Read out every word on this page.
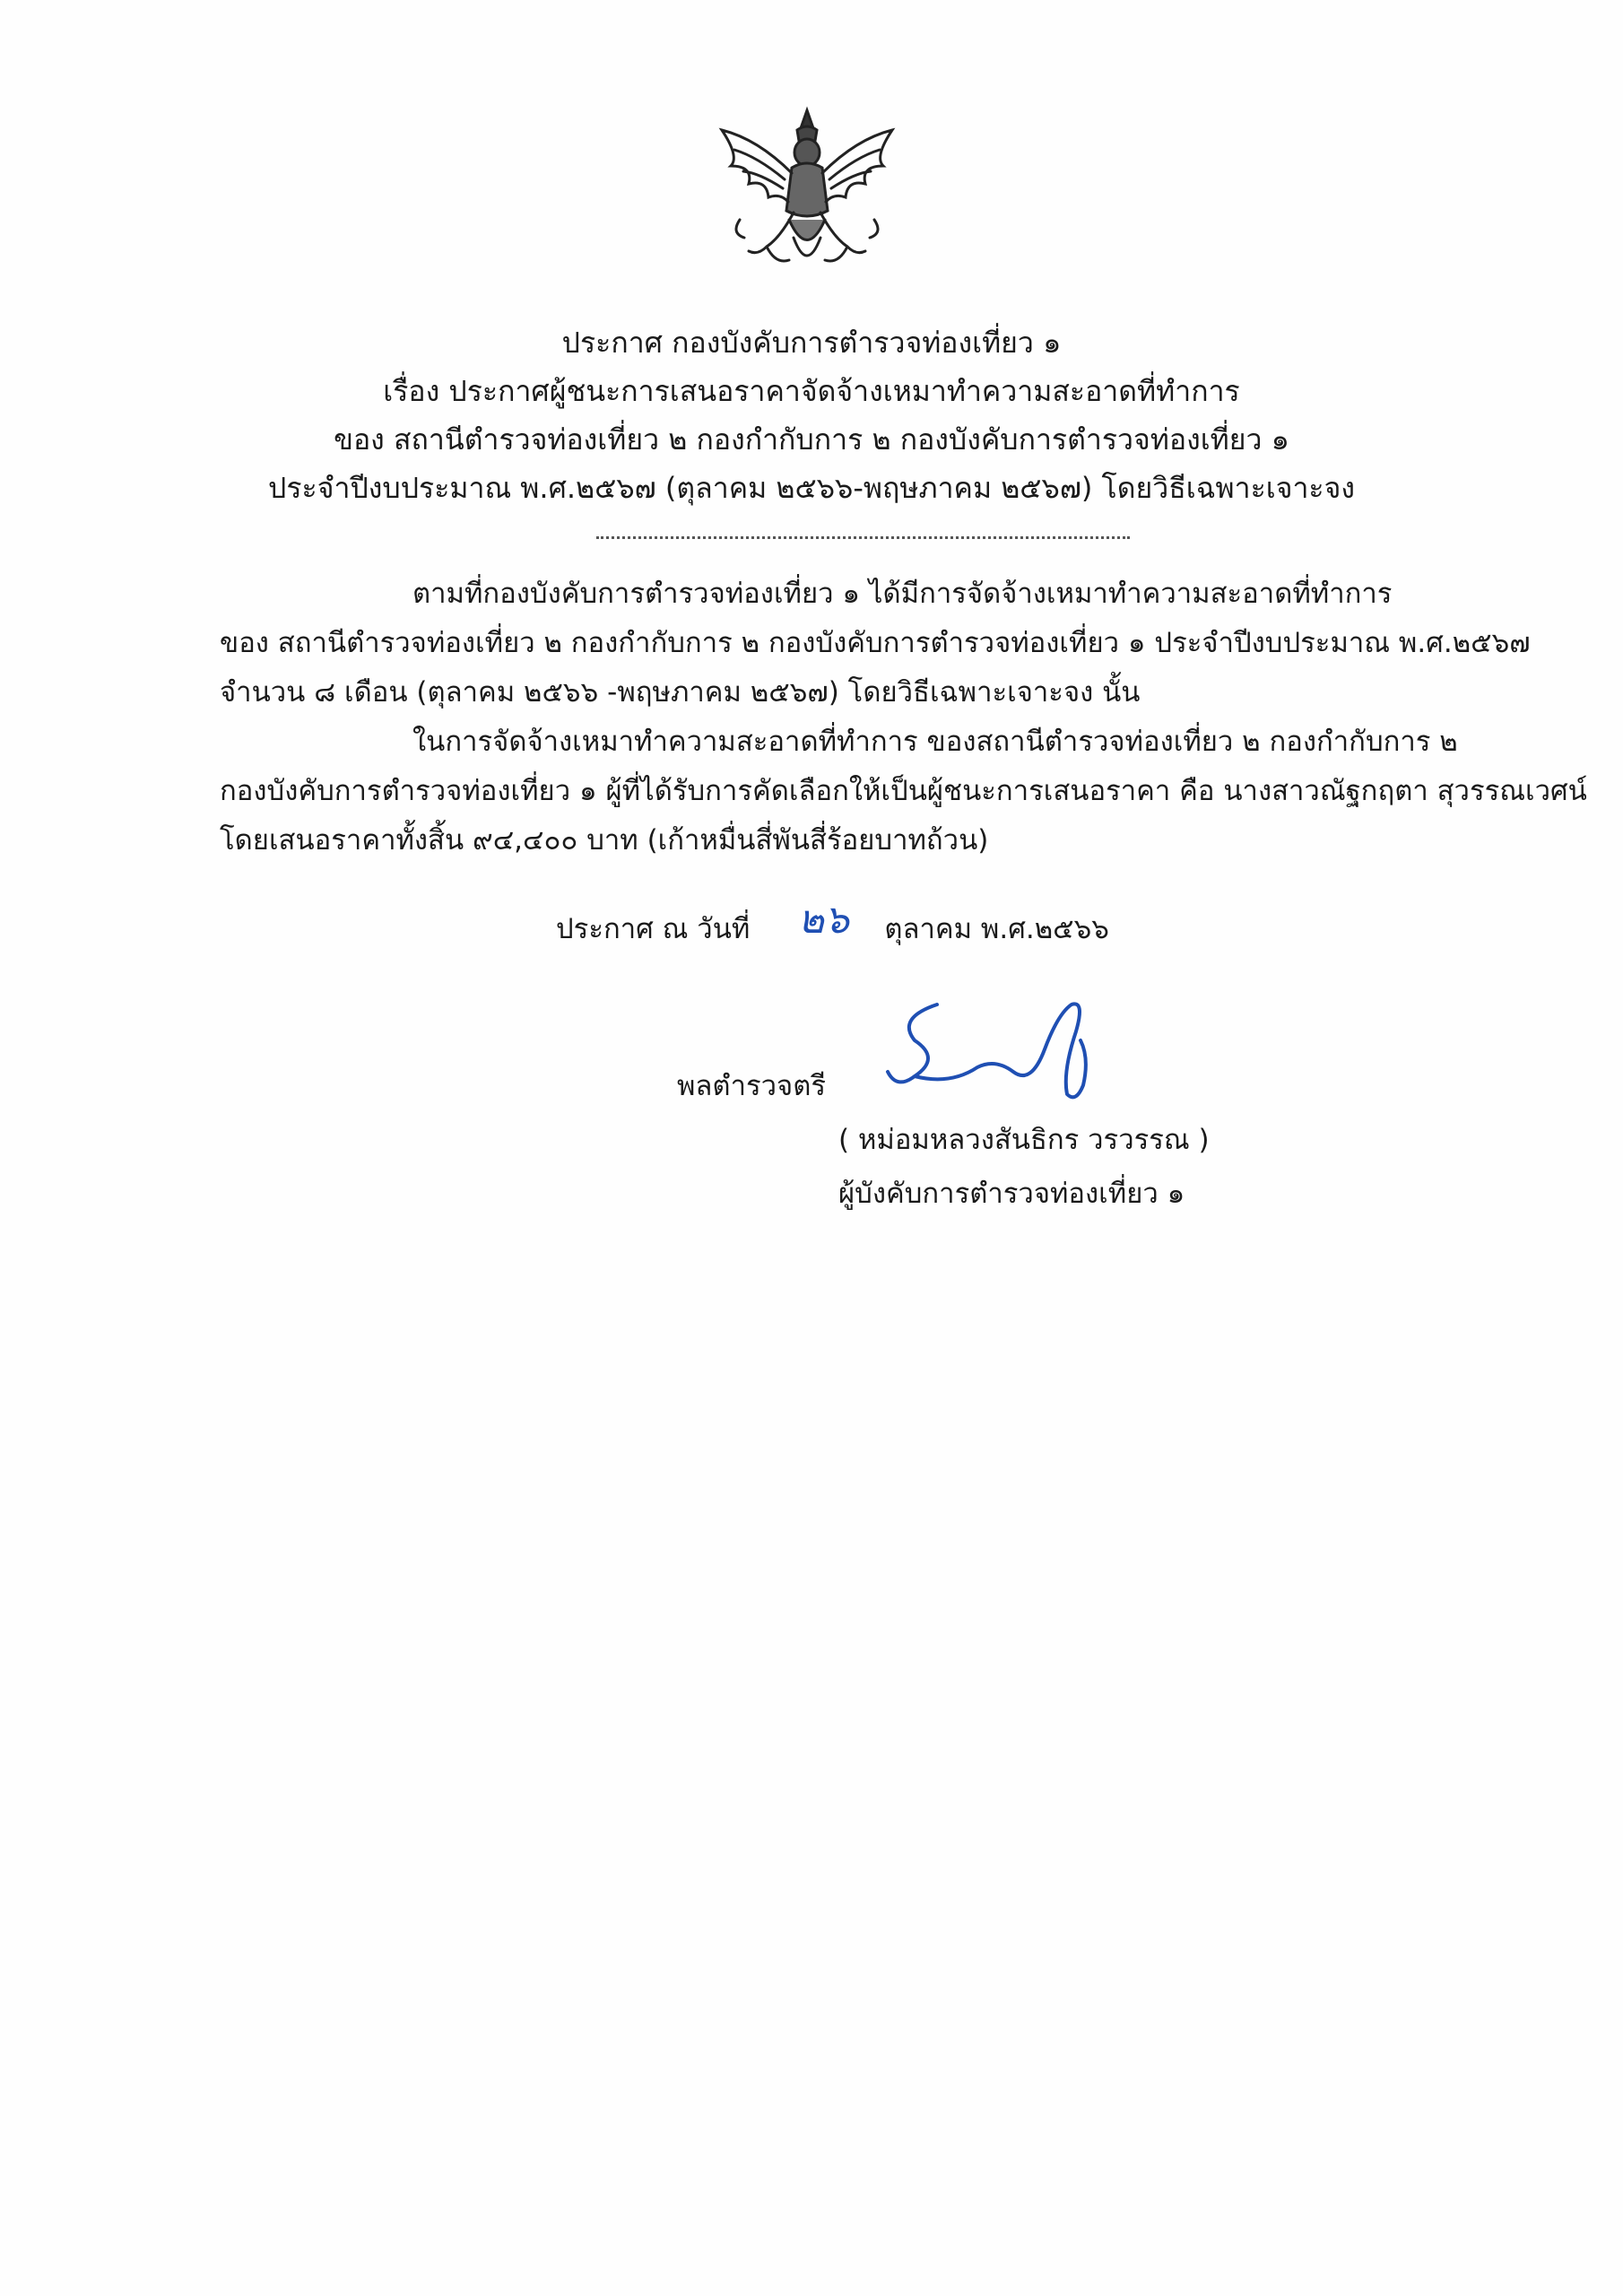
ประกาศ กองบังคับการตำรวจท่องเที่ยว ๑
เรื่อง ประกาศผู้ชนะการเสนอราคาจัดจ้างเหมาทำความสะอาดที่ทำการ
ของ สถานีตำรวจท่องเที่ยว ๒ กองกำกับการ ๒ กองบังคับการตำรวจท่องเที่ยว ๑
ประจำปีงบประมาณ พ.ศ.๒๕๖๗ (ตุลาคม ๒๕๖๖-พฤษภาคม ๒๕๖๗) โดยวิธีเฉพาะเจาะจง
ตามที่กองบังคับการตำรวจท่องเที่ยว ๑ ได้มีการจัดจ้างเหมาทำความสะอาดที่ทำการ
ของ สถานีตำรวจท่องเที่ยว ๒ กองกำกับการ ๒ กองบังคับการตำรวจท่องเที่ยว ๑ ประจำปีงบประมาณ พ.ศ.๒๕๖๗
จำนวน ๘ เดือน (ตุลาคม ๒๕๖๖ -พฤษภาคม ๒๕๖๗) โดยวิธีเฉพาะเจาะจง นั้น
ในการจัดจ้างเหมาทำความสะอาดที่ทำการ ของสถานีตำรวจท่องเที่ยว ๒ กองกำกับการ ๒
กองบังคับการตำรวจท่องเที่ยว ๑ ผู้ที่ได้รับการคัดเลือกให้เป็นผู้ชนะการเสนอราคา คือ นางสาวณัฐกฤตา สุวรรณเวศน์
โดยเสนอราคาทั้งสิ้น ๙๔,๔๐๐ บาท (เก้าหมื่นสี่พันสี่ร้อยบาทถ้วน)
ประกาศ ณ วันที่	ตุลาคม พ.ศ.๒๕๖๖
๒๖
พลตำรวจตรี
( หม่อมหลวงสันธิกร วรวรรณ )
ผู้บังคับการตำรวจท่องเที่ยว ๑
